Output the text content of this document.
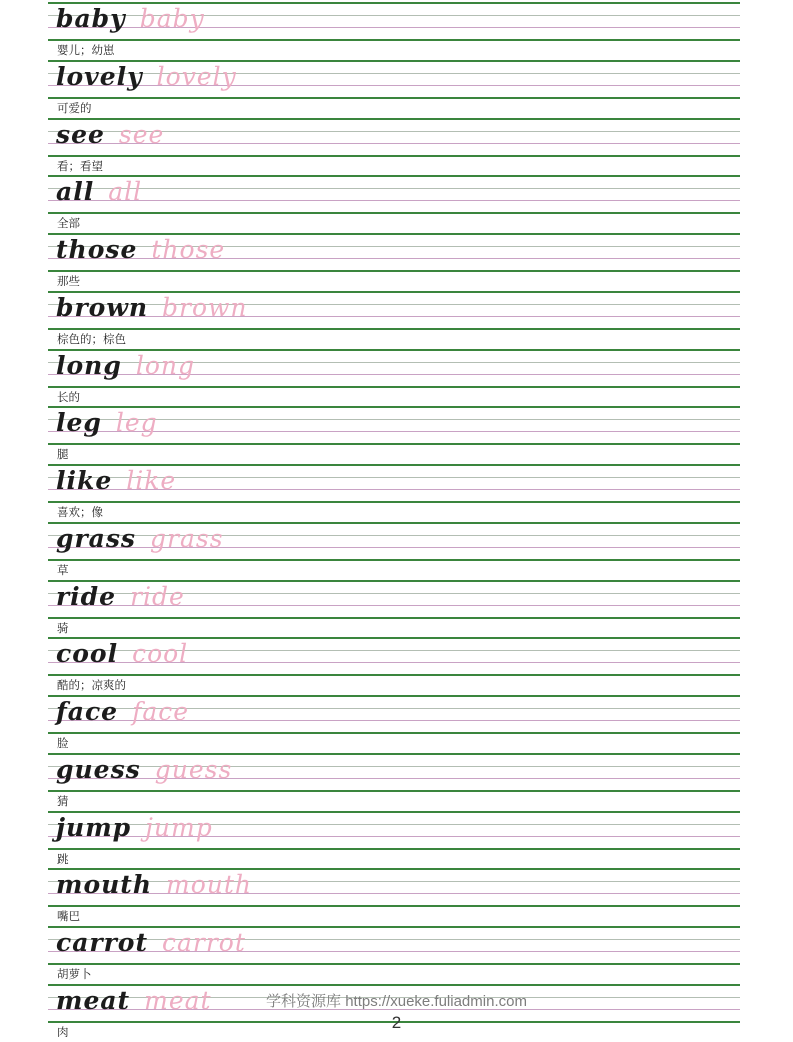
baby baby
婴儿；幼崽
lovely lovely
可爱的
see see
看；看望
all all
全部
those those
那些
brown brown
棕色的；棕色
long long
长的
leg leg
腿
like like
喜欢；像
grass grass
草
ride ride
骑
cool cool
酷的；凉爽的
face face
脸
guess guess
猜
jump jump
跳
mouth mouth
嘴巴
carrot carrot
胡萝卜
meat meat
肉
学科资源库 https://xueke.fuliadmin.com
2
